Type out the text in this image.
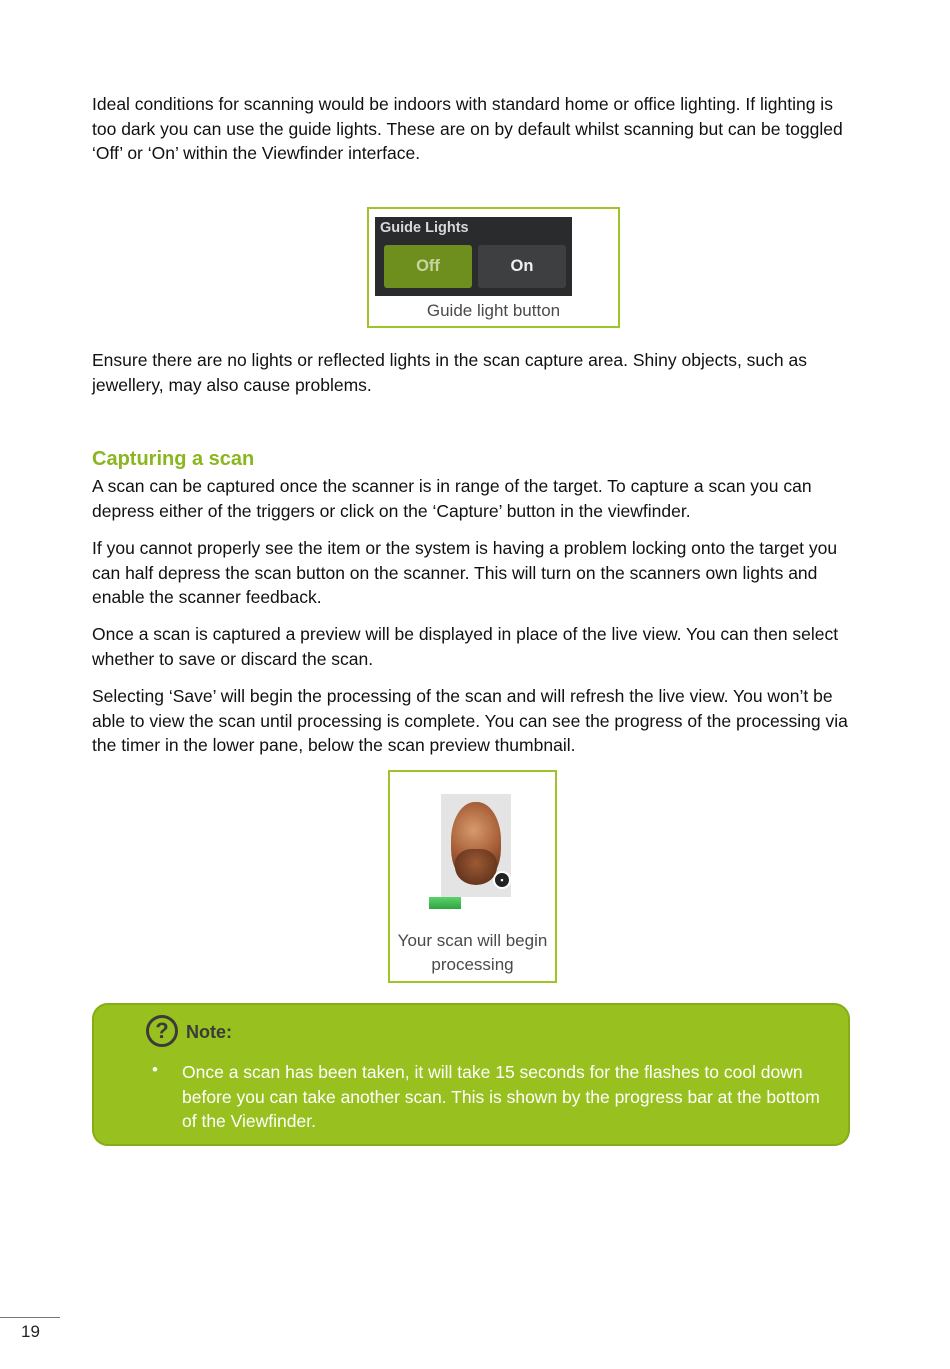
Ideal conditions for scanning would be indoors with standard home or office lighting. If lighting is too dark you can use the guide lights. These are on by default whilst scanning but can be toggled ‘Off’ or ‘On’ within the Viewfinder interface.

Guide Lights
Off	On
Guide light button

Ensure there are no lights or reflected lights in the scan capture area. Shiny objects, such as jewellery, may also cause problems.

Capturing a scan

A scan can be captured once the scanner is in range of the target. To capture a scan you can depress either of the triggers or click on the ‘Capture’ button in the viewfinder.

If you cannot properly see the item or the system is having a problem locking onto the target you can half depress the scan button on the scanner. This will turn on the scanners own lights and enable the scanner feedback.

Once a scan is captured a preview will be displayed in place of the live view. You can then select whether to save or discard the scan.

Selecting ‘Save’ will begin the processing of the scan and will refresh the live view. You won’t be able to view the scan until processing is complete. You can see the progress of the processing via the timer in the lower pane, below the scan preview thumbnail.

▪
Your scan will begin processing
? Note:
• Once a scan has been taken, it will take 15 seconds for the flashes to cool down before you can take another scan. This is shown by the progress bar at the bottom of the Viewfinder.

19
